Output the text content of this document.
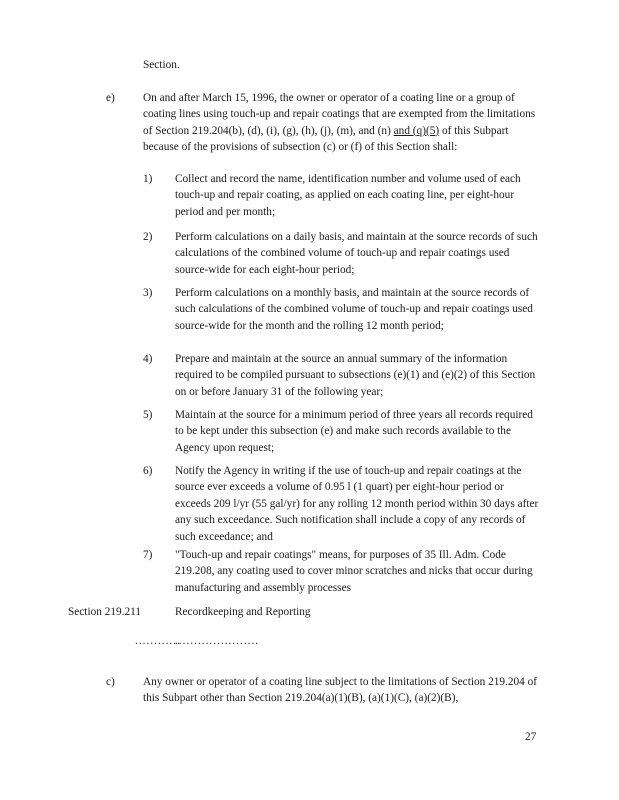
Section.

e) On and after March 15, 1996, the owner or operator of a coating line or a group of coating lines using touch-up and repair coatings that are exempted from the limitations of Section 219.204(b), (d), (i), (g), (h), (j), (m), and (n) and (q)(5) of this Subpart because of the provisions of subsection (c) or (f) of this Section shall:

1) Collect and record the name, identification number and volume used of each touch-up and repair coating, as applied on each coating line, per eight-hour period and per month;

2) Perform calculations on a daily basis, and maintain at the source records of such calculations of the combined volume of touch-up and repair coatings used source-wide for each eight-hour period;

3) Perform calculations on a monthly basis, and maintain at the source records of such calculations of the combined volume of touch-up and repair coatings used source-wide for the month and the rolling 12 month period;

4) Prepare and maintain at the source an annual summary of the information required to be compiled pursuant to subsections (e)(1) and (e)(2) of this Section on or before January 31 of the following year;

5) Maintain at the source for a minimum period of three years all records required to be kept under this subsection (e) and make such records available to the Agency upon request;

6) Notify the Agency in writing if the use of touch-up and repair coatings at the source ever exceeds a volume of 0.95 l (1 quart) per eight-hour period or exceeds 209 l/yr (55 gal/yr) for any rolling 12 month period within 30 days after any such exceedance. Such notification shall include a copy of any records of such exceedance; and

7) "Touch-up and repair coatings" means, for purposes of 35 Ill. Adm. Code 219.208, any coating used to cover minor scratches and nicks that occur during manufacturing and assembly processes

Section 219.211	Recordkeeping and Reporting
............
......................
c) Any owner or operator of a coating line subject to the limitations of Section 219.204 of this Subpart other than Section 219.204(a)(1)(B), (a)(1)(C), (a)(2)(B),

27
